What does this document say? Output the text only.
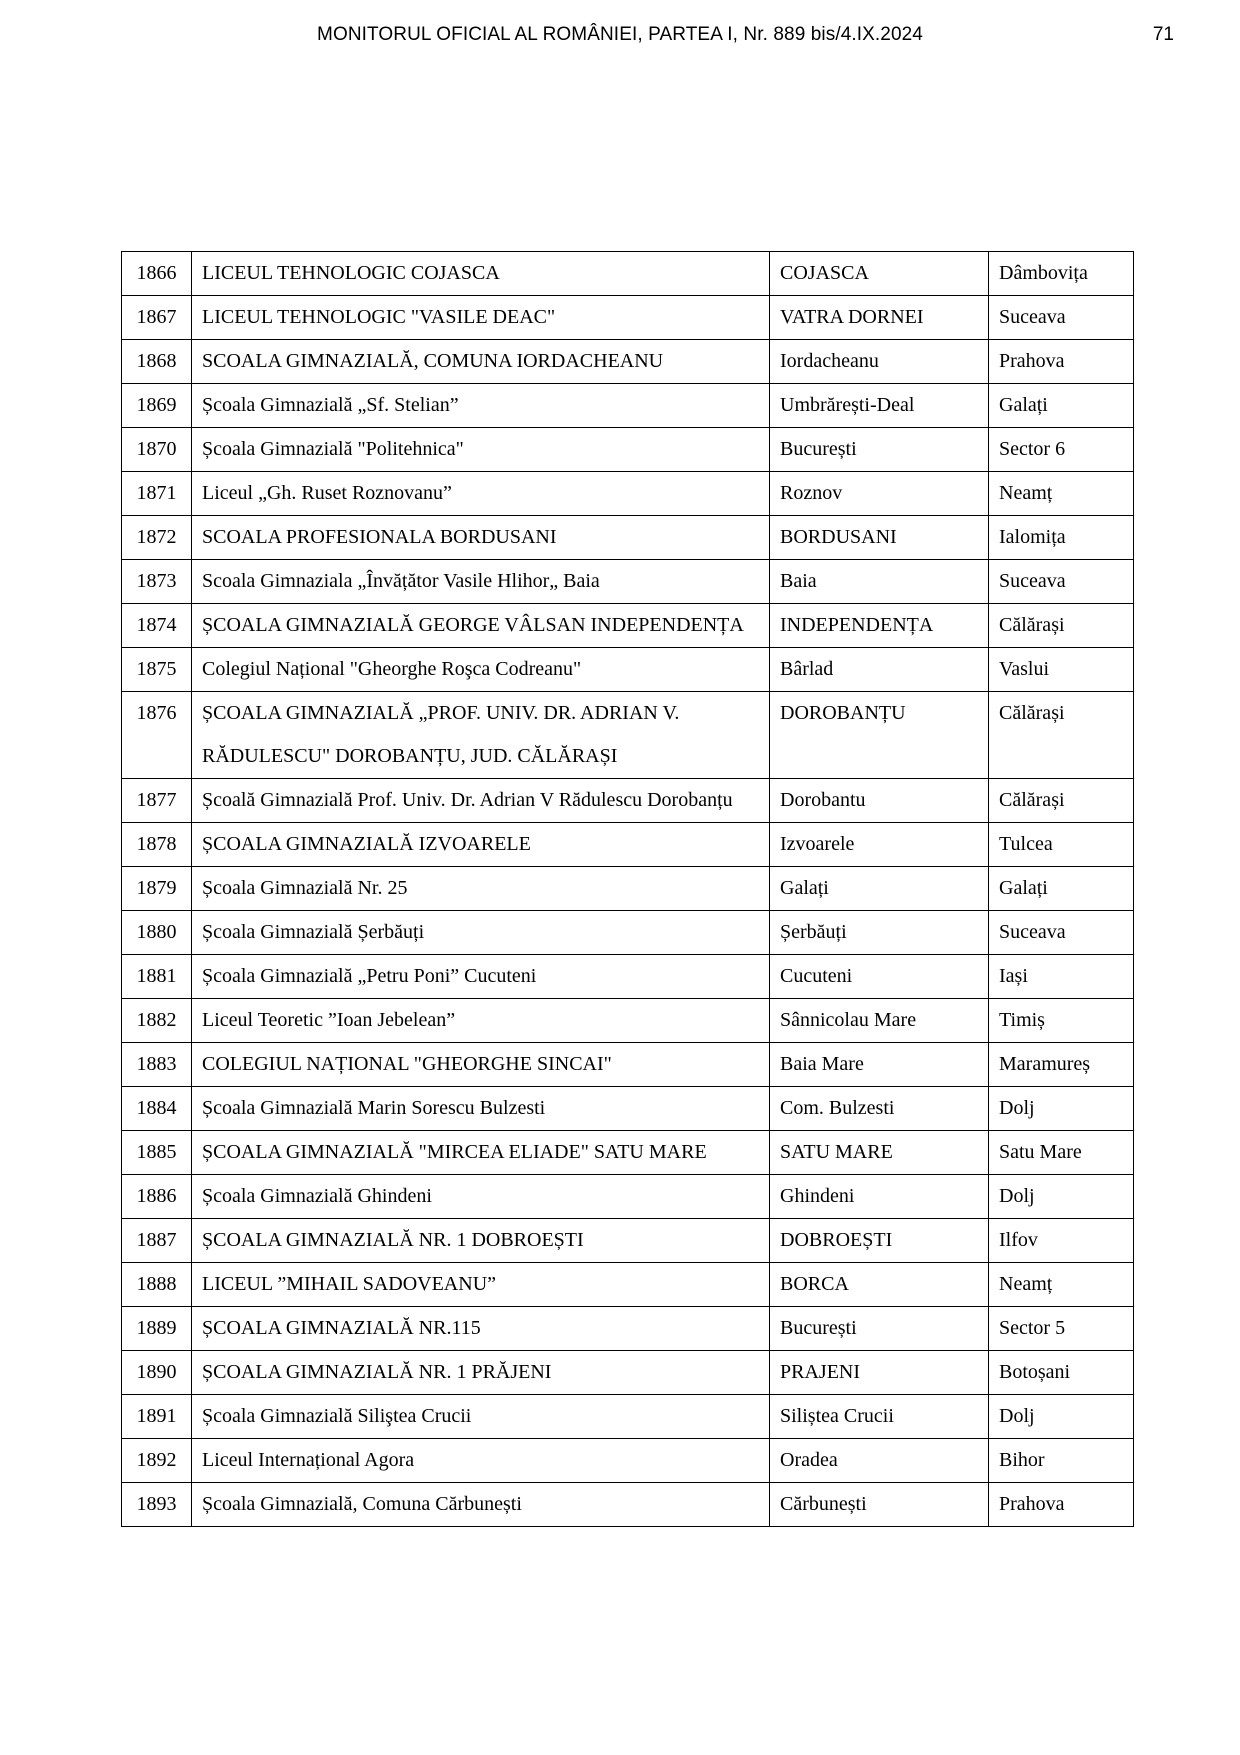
MONITORUL OFICIAL AL ROMÂNIEI, PARTEA I, Nr. 889 bis/4.IX.2024	71
1866	LICEUL TEHNOLOGIC COJASCA	COJASCA	Dâmbovița
1867	LICEUL TEHNOLOGIC "VASILE DEAC"	VATRA DORNEI	Suceava
1868	SCOALA GIMNAZIALĂ, COMUNA IORDACHEANU	Iordacheanu	Prahova
1869	Școala Gimnazială „Sf. Stelian”	Umbrărești-Deal	Galați
1870	Școala Gimnazială "Politehnica"	București	Sector 6
1871	Liceul „Gh. Ruset Roznovanu”	Roznov	Neamț
1872	SCOALA PROFESIONALA BORDUSANI	BORDUSANI	Ialomița
1873	Scoala Gimnaziala „Învățător Vasile Hlihor„ Baia	Baia	Suceava
1874	ȘCOALA GIMNAZIALĂ GEORGE VÂLSAN INDEPENDENȚA	INDEPENDENȚA	Călărași
1875	Colegiul Național "Gheorghe Roşca Codreanu"	Bârlad	Vaslui
1876	ȘCOALA GIMNAZIALĂ „PROF. UNIV. DR. ADRIAN V. RĂDULESCU" DOROBANȚU, JUD. CĂLĂRAȘI	DOROBANȚU	Călărași
1877	Școală Gimnazială Prof. Univ. Dr. Adrian V Rădulescu Dorobanțu	Dorobantu	Călărași
1878	ȘCOALA GIMNAZIALĂ IZVOARELE	Izvoarele	Tulcea
1879	Școala Gimnazială Nr. 25	Galați	Galați
1880	Școala Gimnazială Șerbăuți	Șerbăuți	Suceava
1881	Școala Gimnazială „Petru Poni” Cucuteni	Cucuteni	Iași
1882	Liceul Teoretic ”Ioan Jebelean”	Sânnicolau Mare	Timiș
1883	COLEGIUL NAȚIONAL "GHEORGHE SINCAI"	Baia Mare	Maramureș
1884	Școala Gimnazială Marin Sorescu Bulzesti	Com. Bulzesti	Dolj
1885	ȘCOALA GIMNAZIALĂ "MIRCEA ELIADE" SATU MARE	SATU MARE	Satu Mare
1886	Școala Gimnazială Ghindeni	Ghindeni	Dolj
1887	ȘCOALA GIMNAZIALĂ NR. 1 DOBROEȘTI	DOBROEȘTI	Ilfov
1888	LICEUL ”MIHAIL SADOVEANU”	BORCA	Neamț
1889	ȘCOALA GIMNAZIALĂ NR.115	București	Sector 5
1890	ȘCOALA GIMNAZIALĂ NR. 1 PRĂJENI	PRAJENI	Botoșani
1891	Școala Gimnazială Siliştea Crucii	Siliștea Crucii	Dolj
1892	Liceul Internațional Agora	Oradea	Bihor
1893	Școala Gimnazială, Comuna Cărbunești	Cărbunești	Prahova
